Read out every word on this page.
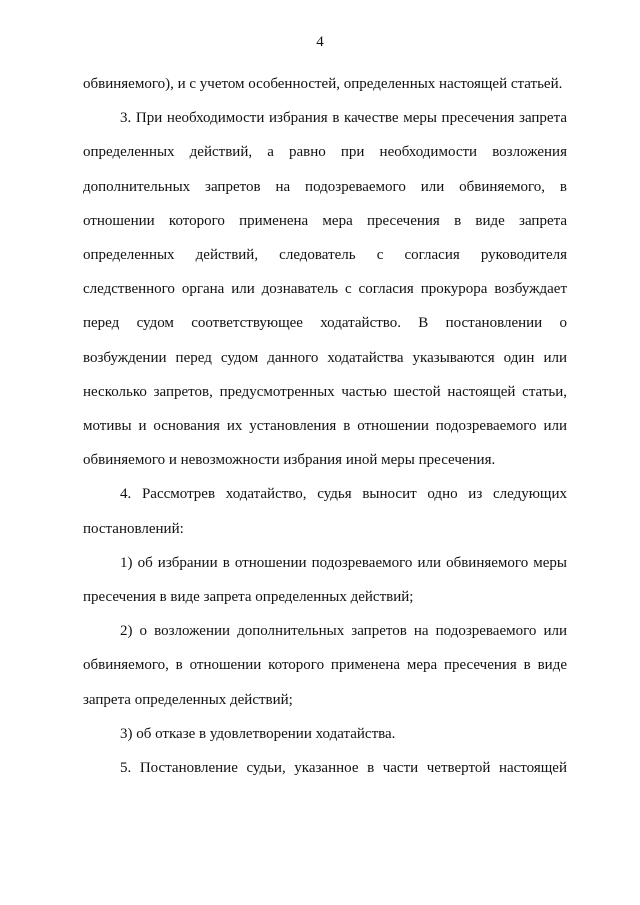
4

обвиняемого), и с учетом особенностей, определенных настоящей статьей.

3. При необходимости избрания в качестве меры пресечения запрета определенных действий, а равно при необходимости возложения дополнительных запретов на подозреваемого или обвиняемого, в отношении которого применена мера пресечения в виде запрета определенных действий, следователь с согласия руководителя следственного органа или дознаватель с согласия прокурора возбуждает перед судом соответствующее ходатайство. В постановлении о возбуждении перед судом данного ходатайства указываются один или несколько запретов, предусмотренных частью шестой настоящей статьи, мотивы и основания их установления в отношении подозреваемого или обвиняемого и невозможности избрания иной меры пресечения.

4. Рассмотрев ходатайство, судья выносит одно из следующих постановлений:

1) об избрании в отношении подозреваемого или обвиняемого меры пресечения в виде запрета определенных действий;

2) о возложении дополнительных запретов на подозреваемого или обвиняемого, в отношении которого применена мера пресечения в виде запрета определенных действий;

3) об отказе в удовлетворении ходатайства.

5. Постановление судьи, указанное в части четвертой настоящей
